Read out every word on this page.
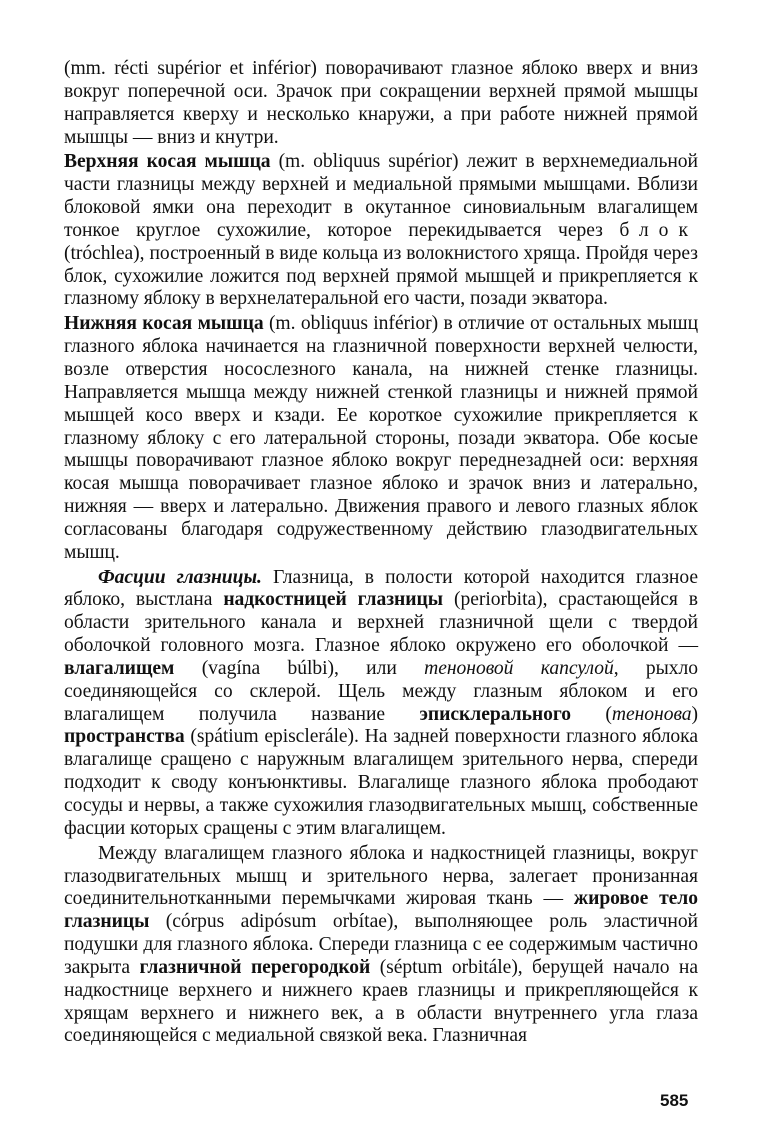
(mm. récti supérior et inférior) поворачивают глазное яблоко вверх и вниз вокруг поперечной оси. Зрачок при сокращении верхней прямой мышцы направляется кверху и несколько кнаружи, а при работе нижней прямой мышцы — вниз и кнутри.

Верхняя косая мышца (m. obliquus supérior) лежит в верхнемедиальной части глазницы между верхней и медиальной прямыми мышцами. Вблизи блоковой ямки она переходит в окутанное синовиальным влагалищем тонкое круглое сухожилие, которое перекидывается через блок (tróchlea), построенный в виде кольца из волокнистого хряща. Пройдя через блок, сухожилие ложится под верхней прямой мышцей и прикрепляется к глазному яблоку в верхнелатеральной его части, позади экватора.

Нижняя косая мышца (m. obliquus inférior) в отличие от остальных мышц глазного яблока начинается на глазничной поверхности верхней челюсти, возле отверстия носослезного канала, на нижней стенке глазницы. Направляется мышца между нижней стенкой глазницы и нижней прямой мышцей косо вверх и кзади. Ее короткое сухожилие прикрепляется к глазному яблоку с его латеральной стороны, позади экватора. Обе косые мышцы поворачивают глазное яблоко вокруг переднезадней оси: верхняя косая мышца поворачивает глазное яблоко и зрачок вниз и латерально, нижняя — вверх и латерально. Движения правого и левого глазных яблок согласованы благодаря содружественному действию глазодвигательных мышц.

Фасции глазницы. Глазница, в полости которой находится глазное яблоко, выстлана надкостницей глазницы (periorbita), срастающейся в области зрительного канала и верхней глазничной щели с твердой оболочкой головного мозга. Глазное яблоко окружено его оболочкой — влагалищем (vagína búlbi), или теноновой капсулой, рыхло соединяющейся со склерой. Щель между глазным яблоком и его влагалищем получила название эписклерального (тенонова) пространства (spátium episclerále). На задней поверхности глазного яблока влагалище сращено с наружным влагалищем зрительного нерва, спереди подходит к своду конъюнктивы. Влагалище глазного яблока прободают сосуды и нервы, а также сухожилия глазодвигательных мышц, собственные фасции которых сращены с этим влагалищем.

Между влагалищем глазного яблока и надкостницей глазницы, вокруг глазодвигательных мышц и зрительного нерва, залегает пронизанная соединительнотканными перемычками жировая ткань — жировое тело глазницы (córpus adipósum orbítae), выполняющее роль эластичной подушки для глазного яблока. Спереди глазница с ее содержимым частично закрыта глазничной перегородкой (séptum orbitále), берущей начало на надкостнице верхнего и нижнего краев глазницы и прикрепляющейся к хрящам верхнего и нижнего век, а в области внутреннего угла глаза соединяющейся с медиальной связкой века. Глазничная

585
